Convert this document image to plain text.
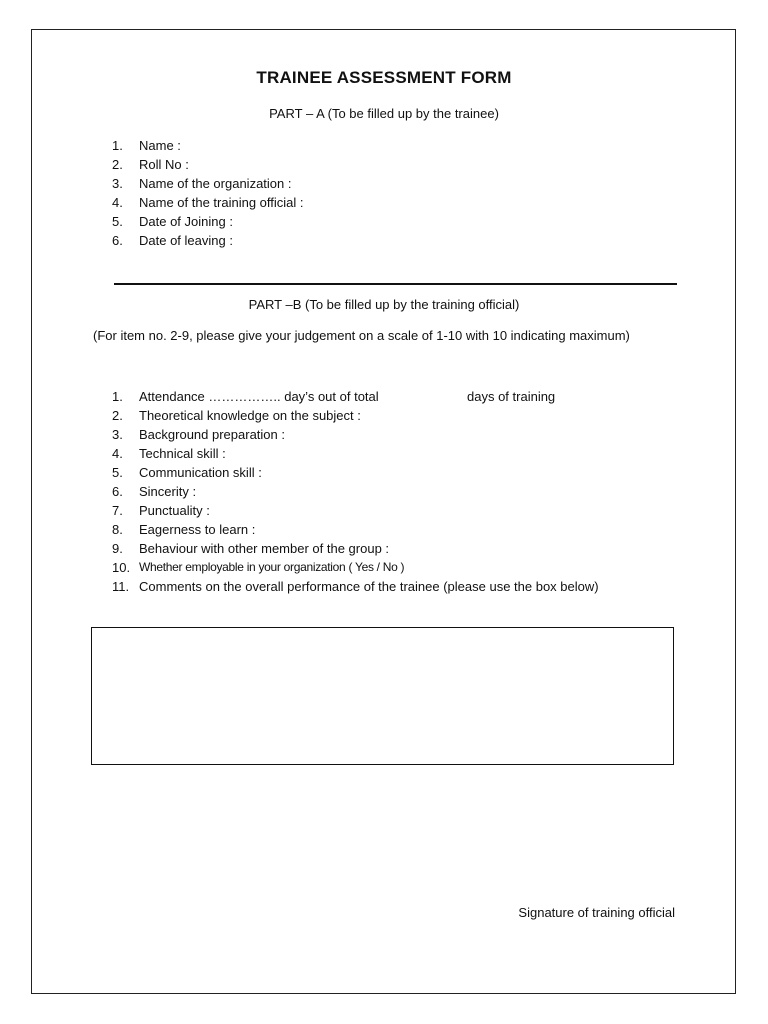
TRAINEE ASSESSMENT FORM
PART – A (To be filled up by the trainee)
1.	Name :
2.	Roll No :
3.	Name of the organization :
4.	Name of the training official :
5.	Date of Joining :
6.	Date of leaving :
PART –B (To be filled up by the training official)
(For item no. 2-9, please give your judgement on a scale of 1-10 with 10 indicating maximum)
1.	Attendance …………….. day’s out of total	days of training
2.	Theoretical knowledge on the subject :
3.	Background preparation :
4.	Technical skill :
5.	Communication skill :
6.	Sincerity :
7.	Punctuality :
8.	Eagerness to learn :
9.	Behaviour with other member of the group :
10. Whether employable in your organization ( Yes / No )
11. Comments on the overall performance of the trainee (please use the box below)
Signature of training official
